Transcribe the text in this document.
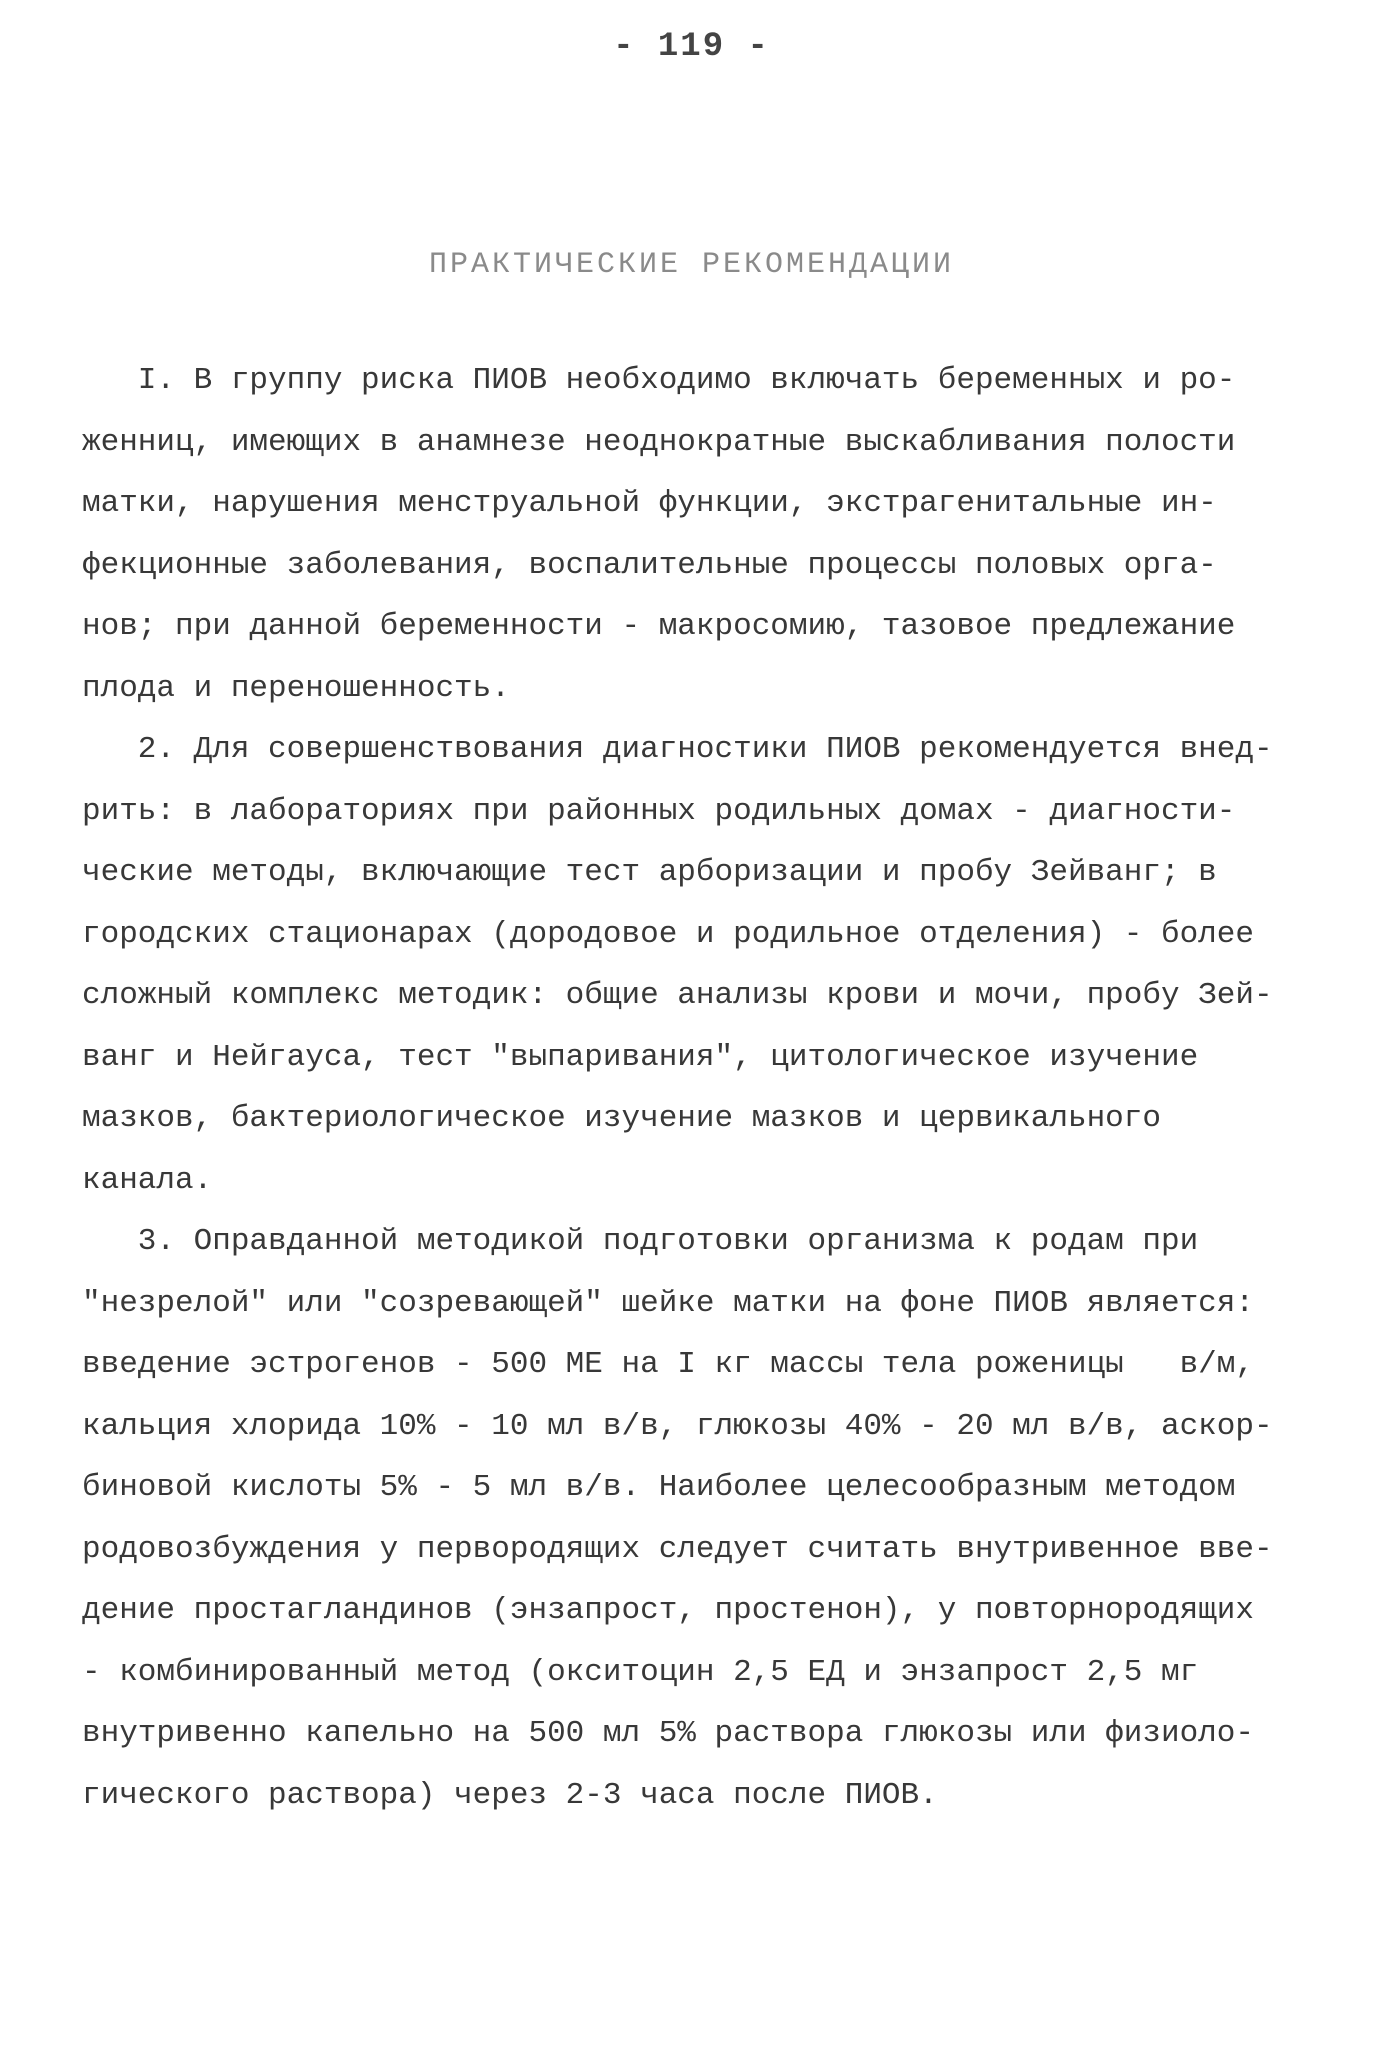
- 119 -
ПРАКТИЧЕСКИЕ РЕКОМЕНДАЦИИ
I. В группу риска ПИОВ необходимо включать беременных и ро-
женниц, имеющих в анамнезе неоднократные выскабливания полости
матки, нарушения менструальной функции, экстрагенитальные ин-
фекционные заболевания, воспалительные процессы половых орга-
нов; при данной беременности - макросомию, тазовое предлежание
плода и переношенность.
2. Для совершенствования диагностики ПИОВ рекомендуется внед-
рить: в лабораториях при районных родильных домах - диагности-
ческие методы, включающие тест арборизации и пробу Зейванг; в
городских стационарах (дородовое и родильное отделения) - более
сложный комплекс методик: общие анализы крови и мочи, пробу Зей-
ванг и Нейгауса, тест "выпаривания", цитологическое изучение
мазков, бактериологическое изучение мазков и цервикального
канала.
3. Оправданной методикой подготовки организма к родам при
"незрелой" или "созревающей" шейке матки на фоне ПИОВ является:
введение эстрогенов - 500 МЕ на I кг массы тела роженицы   в/м,
кальция хлорида 10% - 10 мл в/в, глюкозы 40% - 20 мл в/в, аскор-
биновой кислоты 5% - 5 мл в/в. Наиболее целесообразным методом
родовозбуждения у первородящих следует считать внутривенное вве-
дение простагландинов (энзапрост, простенон), у повторнородящих
- комбинированный метод (окситоцин 2,5 ЕД и энзапрост 2,5 мг
внутривенно капельно на 500 мл 5% раствора глюкозы или физиоло-
гического раствора) через 2-3 часа после ПИОВ.
